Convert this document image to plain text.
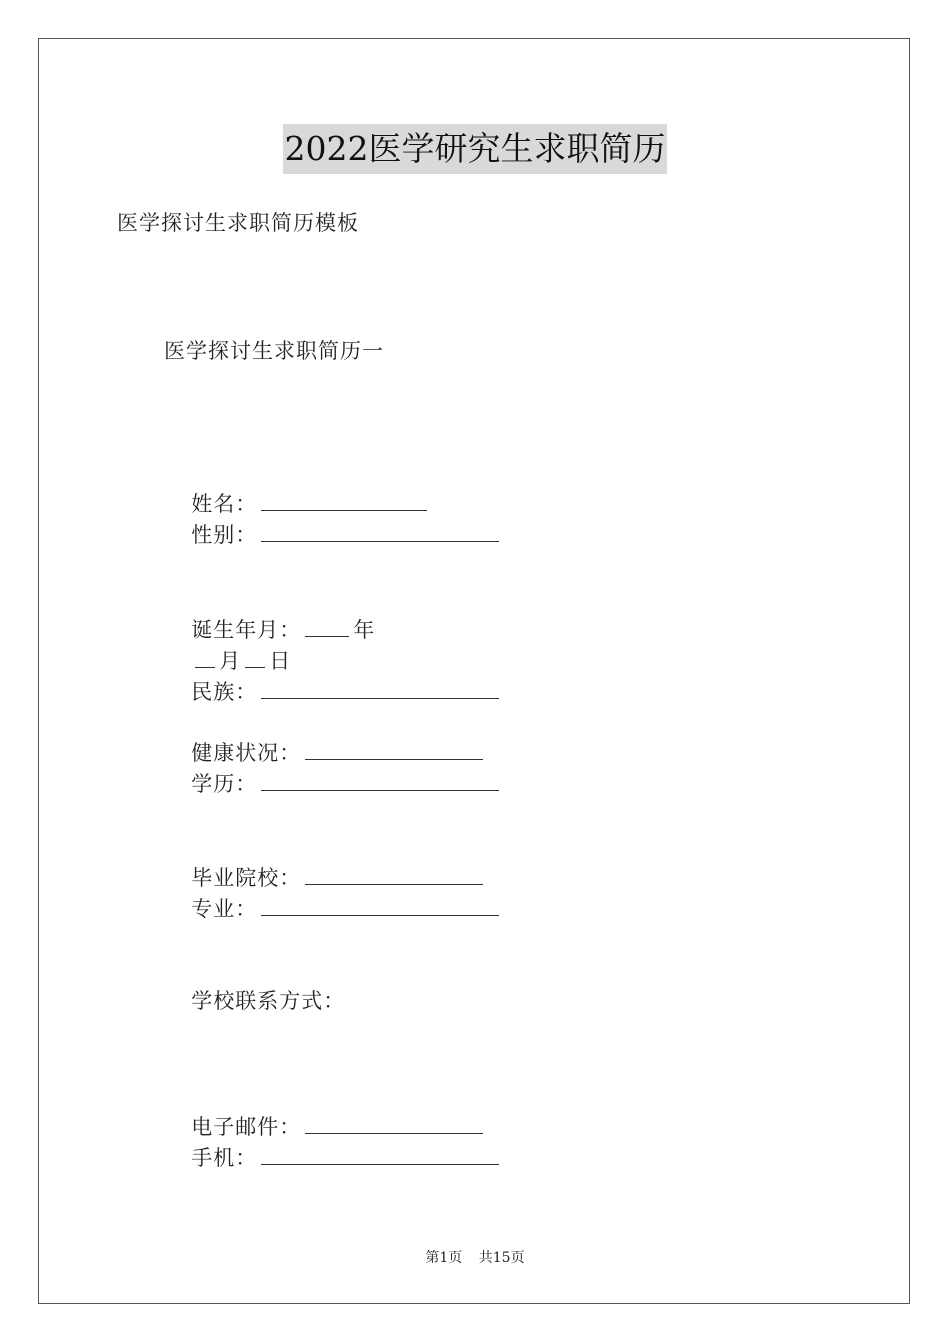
2022医学研究生求职简历
医学探讨生求职简历模板
医学探讨生求职简历一

姓名：
性别：

诞生年月： 年
月 日
民族：

健康状况：
学历：

毕业院校：
专业：

学校联系方式：

电子邮件：
手机：

第1页 共15页
